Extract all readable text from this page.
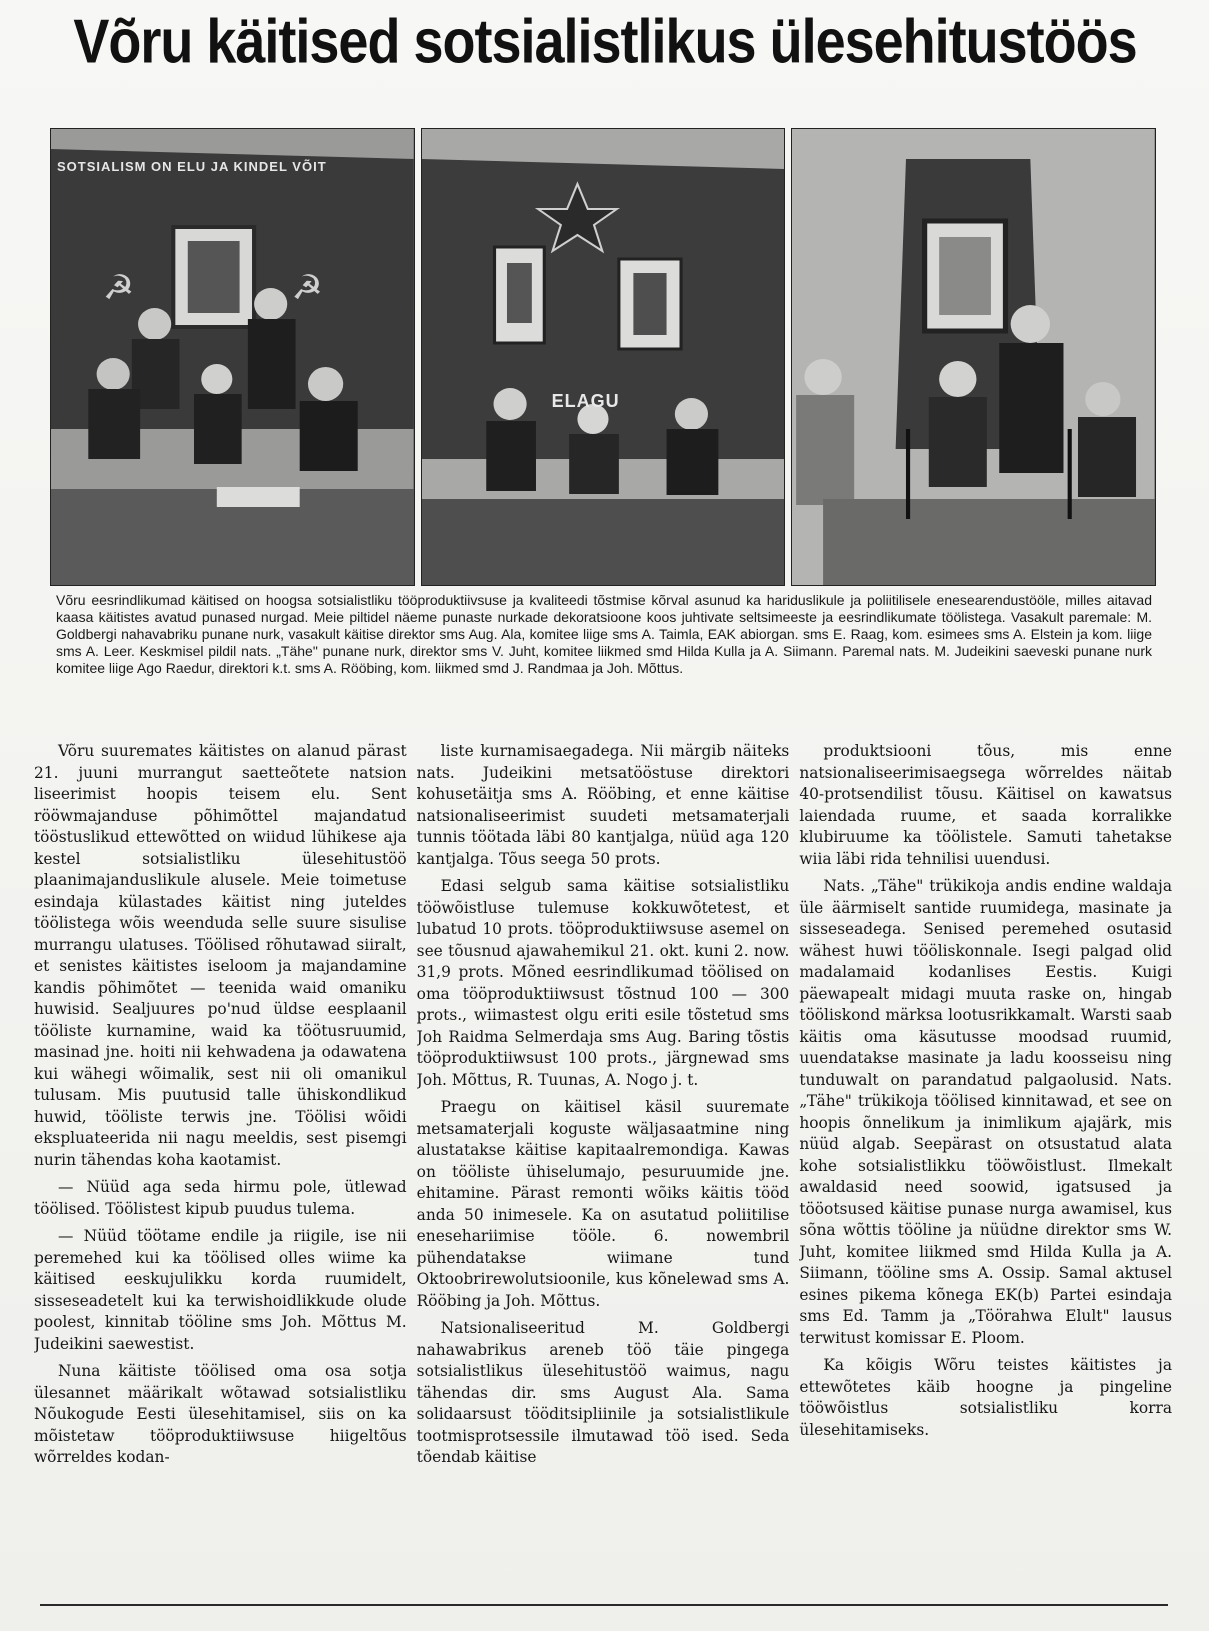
Võru käitised sotsialistlikus ülesehitustöös
☭	☭
SOTSIALISM ON ELU JA KINDEL VÕIT
ELAGU
Võru eesrindlikumad käitised on hoogsa sotsialistliku tööproduktiivsuse ja kvaliteedi tõstmise kõrval asunud ka hariduslikule ja poliitilisele enesearendustööle, milles aitavad kaasa käitistes avatud punased nurgad. Meie piltidel näeme punaste nurkade dekoratsioone koos juhtivate seltsimeeste ja eesrindlikumate töölistega. Vasakult paremale: M. Goldbergi nahavabriku punane nurk, vasakult käitise direktor sms Aug. Ala, komitee liige sms A. Taimla, EAK abiorgan. sms E. Raag, kom. esimees sms A. Elstein ja kom. liige sms A. Leer. Keskmisel pildil nats. „Tähe" punane nurk, direktor sms V. Juht, komitee liikmed smd Hilda Kulla ja A. Siimann. Paremal nats. M. Judeikini saeveski punane nurk komitee liige Ago Raedur, direktori k.t. sms A. Rööbing, kom. liikmed smd J. Randmaa ja Joh. Mõttus.

Võru suuremates käitistes on alanud pärast 21. juuni murrangut saetteõtete natsion liseerimist hoopis teisem elu. Sent rööwmajanduse põhimõttel majandatud tööstuslikud ettewõtted on wiidud lühikese aja kestel sotsialistliku ülesehitustöö plaanimajanduslikule alusele. Meie toimetuse esindaja külastades käitist ning juteldes töölistega wõis weenduda selle suure sisulise murrangu ulatuses. Töölised rõhutawad siiralt, et senistes käitistes iseloom ja majandamine kandis põhimõtet — teenida waid omaniku huwisid. Sealjuures po'nud üldse eesplaanil tööliste kurnamine, waid ka töötusruumid, masinad jne. hoiti nii kehwadena ja odawatena kui wähegi wõimalik, sest nii oli omanikul tulusam. Mis puutusid talle ühiskondlikud huwid, tööliste terwis jne. Töölisi wõidi ekspluateerida nii nagu meeldis, sest pisemgi nurin tähendas koha kaotamist.

— Nüüd aga seda hirmu pole, ütlewad töölised. Töölistest kipub puudus tulema.

— Nüüd töötame endile ja riigile, ise nii peremehed kui ka töölised olles wiime ka käitised eeskujulikku korda ruumidelt, sisseseadetelt kui ka terwishoidlikkude olude poolest, kinnitab tööline sms Joh. Mõttus M. Judeikini saewestist.

Nuna käitiste töölised oma osa sotja ülesannet määrikalt wõtawad sotsialistliku Nõukogude Eesti ülesehitamisel, siis on ka mõistetaw tööproduktiiwsuse hiigeltõus wõrreldes kodan-

liste kurnamisaegadega. Nii märgib näiteks nats. Judeikini metsatööstuse direktori kohusetäitja sms A. Rööbing, et enne käitise natsionaliseerimist suudeti metsamaterjali tunnis töötada läbi 80 kantjalga, nüüd aga 120 kantjalga. Tõus seega 50 prots.

Edasi selgub sama käitise sotsialistliku tööwõistluse tulemuse kokkuwõtetest, et lubatud 10 prots. tööproduktiiwsuse asemel on see tõusnud ajawahemikul 21. okt. kuni 2. now. 31,9 prots. Mõned eesrindlikumad töölised on oma tööproduktiiwsust tõstnud 100 — 300 prots., wiimastest olgu eriti esile tõstetud sms Joh Raidma Selmerdaja sms Aug. Baring tõstis tööproduktiiwsust 100 prots., järgnewad sms Joh. Mõttus, R. Tuunas, A. Nogo j. t.

Praegu on käitisel käsil suuremate metsamaterjali koguste wäljasaatmine ning alustatakse käitise kapitaalremondiga. Kawas on tööliste ühiselumajo, pesuruumide jne. ehitamine. Pärast remonti wõiks käitis tööd anda 50 inimesele. Ka on asutatud poliitilise enesehariimise tööle. 6. nowembril pühendatakse wiimane tund Oktoobrirewolutsioonile, kus kõnelewad sms A. Rööbing ja Joh. Mõttus.

Natsionaliseeritud M. Goldbergi nahawabrikus areneb töö täie pingega sotsialistlikus ülesehitustöö waimus, nagu tähendas dir. sms August Ala. Sama solidaarsust tööditsipliinile ja sotsialistlikule tootmisprotsessile ilmutawad töö ised. Seda tõendab käitise

produktsiooni tõus, mis enne natsionaliseerimisaegsega wõrreldes näitab 40-protsendilist tõusu. Käitisel on kawatsus laiendada ruume, et saada korralikke klubiruume ka töölistele. Samuti tahetakse wiia läbi rida tehnilisi uuendusi.

Nats. „Tähe" trükikoja andis endine waldaja üle äärmiselt santide ruumidega, masinate ja sisseseadega. Senised peremehed osutasid wähest huwi tööliskonnale. Isegi palgad olid madalamaid kodanlises Eestis. Kuigi päewapealt midagi muuta raske on, hingab tööliskond märksa lootusrikkamalt. Warsti saab käitis oma käsutusse moodsad ruumid, uuendatakse masinate ja ladu koosseisu ning tunduwalt on parandatud palgaolusid. Nats. „Tähe" trükikoja töölised kinnitawad, et see on hoopis õnnelikum ja inimlikum ajajärk, mis nüüd algab. Seepärast on otsustatud alata kohe sotsialistlikku tööwõistlust. Ilmekalt awaldasid need soowid, igatsused ja tööotsused käitise punase nurga awamisel, kus sõna wõttis tööline ja nüüdne direktor sms W. Juht, komitee liikmed smd Hilda Kulla ja A. Siimann, tööline sms A. Ossip. Samal aktusel esines pikema kõnega EK(b) Partei esindaja sms Ed. Tamm ja „Töörahwa Elult" lausus terwitust komissar E. Ploom.

Ka kõigis Wõru teistes käitistes ja ettewõtetes käib hoogne ja pingeline tööwõistlus sotsialistliku korra ülesehitamiseks.
